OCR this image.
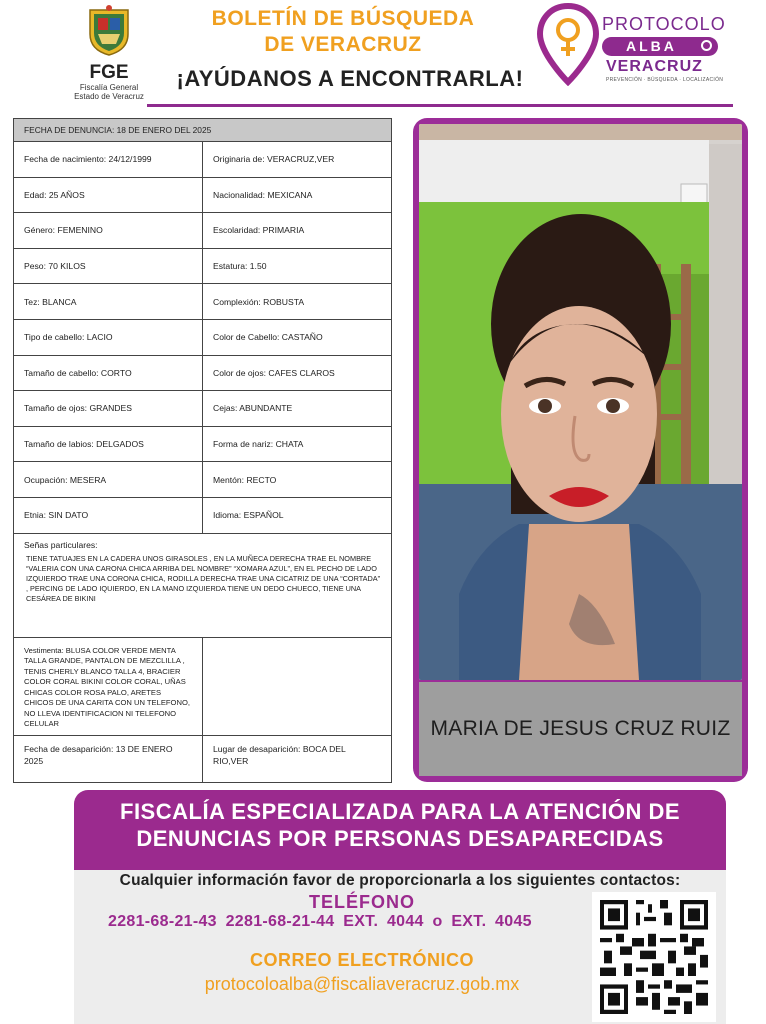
FGE
Fiscalía General
Estado de Veracruz
BOLETÍN DE BÚSQUEDA
DE VERACRUZ
¡AYÚDANOS A ENCONTRARLA!
PROTOCOLO
ALBA
VERACRUZ
PREVENCIÓN · BÚSQUEDA · LOCALIZACIÓN
FECHA DE DENUNCIA: 18 DE ENERO DEL 2025
Fecha de nacimiento: 24/12/1999	Originaria de: VERACRUZ,VER
Edad: 25 AÑOS	Nacionalidad: MEXICANA
Género: FEMENINO	Escolaridad: PRIMARIA
Peso: 70 KILOS	Estatura: 1.50
Tez: BLANCA	Complexión: ROBUSTA
Tipo de cabello: LACIO	Color de Cabello: CASTAÑO
Tamaño de cabello: CORTO	Color de ojos: CAFES CLAROS
Tamaño de ojos: GRANDES	Cejas: ABUNDANTE
Tamaño de labios: DELGADOS	Forma de nariz: CHATA
Ocupación: MESERA	Mentón: RECTO
Etnia: SIN DATO	Idioma: ESPAÑOL
Señas particulares:
TIENE TATUAJES EN LA CADERA UNOS GIRASOLES , EN LA MUÑECA DERECHA TRAE EL NOMBRE “VALERIA CON UNA CARONA CHICA ARRIBA DEL NOMBRE” “XOMARA AZUL”, EN EL PECHO DE LADO IZQUIERDO TRAE UNA CORONA CHICA, RODILLA DERECHA TRAE UNA CICATRIZ DE UNA “CORTADA” , PERCING DE LADO IQUIERDO, EN LA MANO IZQUIERDA TIENE UN DEDO CHUECO, TIENE UNA CESÁREA DE BIKINI
Vestimenta: BLUSA COLOR VERDE MENTA TALLA GRANDE, PANTALON DE MEZCLILLA , TENIS CHERLY BLANCO TALLA 4, BRACIER COLOR CORAL BIKINI COLOR CORAL, UÑAS CHICAS COLOR ROSA PALO, ARETES CHICOS DE UNA CARITA CON UN TELEFONO, NO LLEVA IDENTIFICACION NI TELEFONO CELULAR
Fecha de desaparición: 13 DE ENERO 2025
Lugar de desaparición: BOCA DEL RIO,VER
MARIA DE JESUS CRUZ RUIZ
FISCALÍA ESPECIALIZADA PARA LA ATENCIÓN DE
DENUNCIAS POR PERSONAS DESAPARECIDAS
Cualquier información favor de proporcionarla a los siguientes contactos:
TELÉFONO
2281-68-21-43 2281-68-21-44 EXT. 4044 o EXT. 4045
CORREO ELECTRÓNICO
protocoloalba@fiscaliaveracruz.gob.mx
